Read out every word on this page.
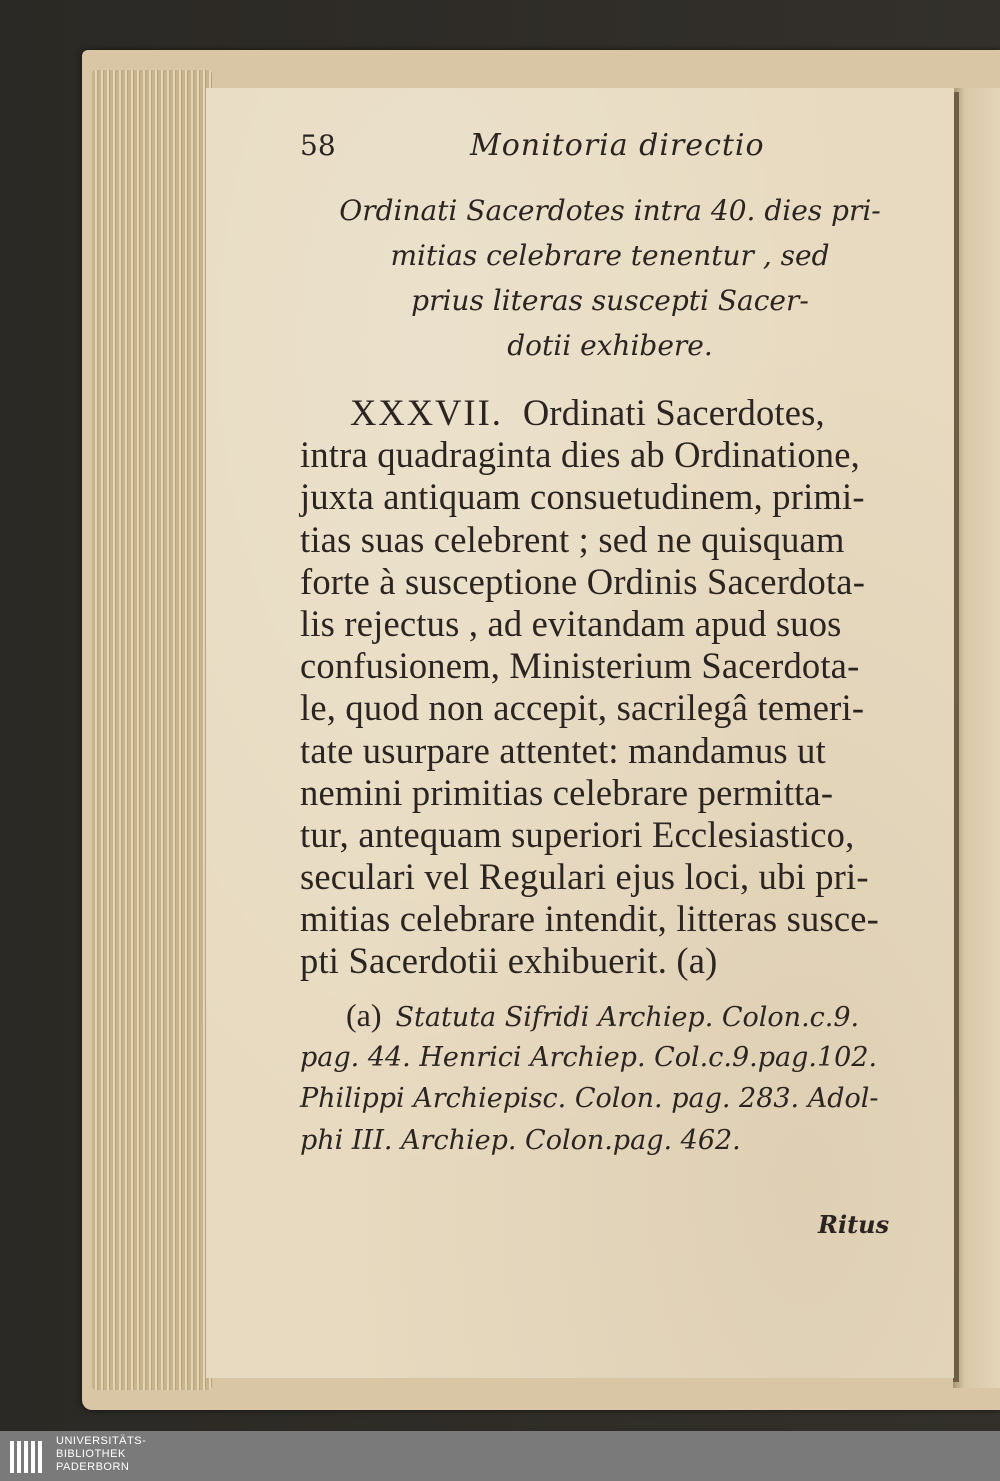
58	Monitoria directio
Ordinati Sacerdotes intra 40. dies pri-
mitias celebrare tenentur , sed
prius literas suscepti Sacer-
dotii exhibere.
XXXVII. Ordinati Sacerdotes,
intra quadraginta dies ab Ordinatione,
juxta antiquam consuetudinem, primi-
tias suas celebrent ; sed ne quisquam
forte à susceptione Ordinis Sacerdota-
lis rejectus , ad evitandam apud suos
confusionem, Ministerium Sacerdota-
le, quod non accepit, sacrilegâ temeri-
tate usurpare attentet: mandamus ut
nemini primitias celebrare permitta-
tur, antequam superiori Ecclesiastico,
seculari vel Regulari ejus loci, ubi pri-
mitias celebrare intendit, litteras susce-
pti Sacerdotii exhibuerit. (a)
(a) Statuta Sifridi Archiep. Colon.c.9.
pag. 44. Henrici Archiep. Col.c.9.pag.102.
Philippi Archiepisc. Colon. pag. 283. Adol-
phi III. Archiep. Colon.pag. 462.
Ritus
UNIVERSITÄTS-
BIBLIOTHEK
PADERBORN
